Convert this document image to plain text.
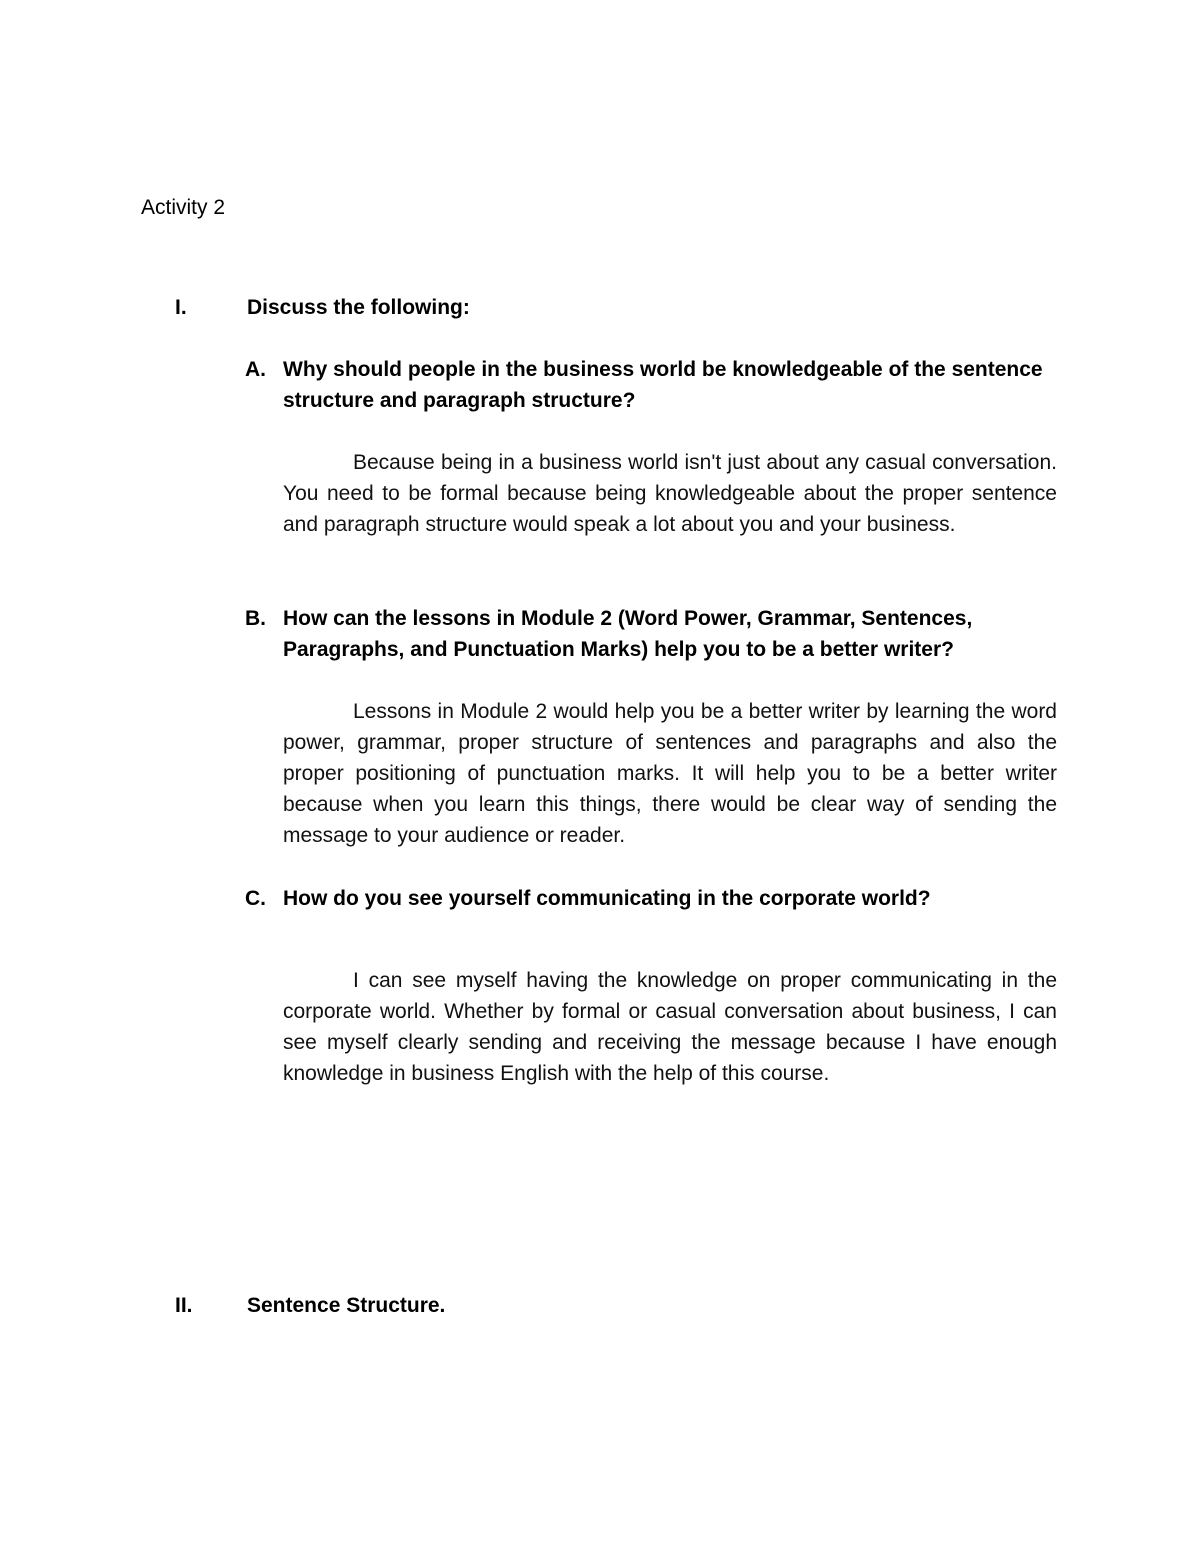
Activity 2
I.	Discuss the following:
A. Why should people in the business world be knowledgeable of the sentence structure and paragraph structure?
Because being in a business world isn't just about any casual conversation. You need to be formal because being knowledgeable about the proper sentence and paragraph structure would speak a lot about you and your business.
B. How can the lessons in Module 2 (Word Power, Grammar, Sentences, Paragraphs, and Punctuation Marks) help you to be a better writer?
Lessons in Module 2 would help you be a better writer by learning the word power, grammar, proper structure of sentences and paragraphs and also the proper positioning of punctuation marks. It will help you to be a better writer because when you learn this things, there would be clear way of sending the message to your audience or reader.
C. How do you see yourself communicating in the corporate world?
I can see myself having the knowledge on proper communicating in the corporate world. Whether by formal or casual conversation about business, I can see myself clearly sending and receiving the message because I have enough knowledge in business English with the help of this course.
II.	Sentence Structure.
